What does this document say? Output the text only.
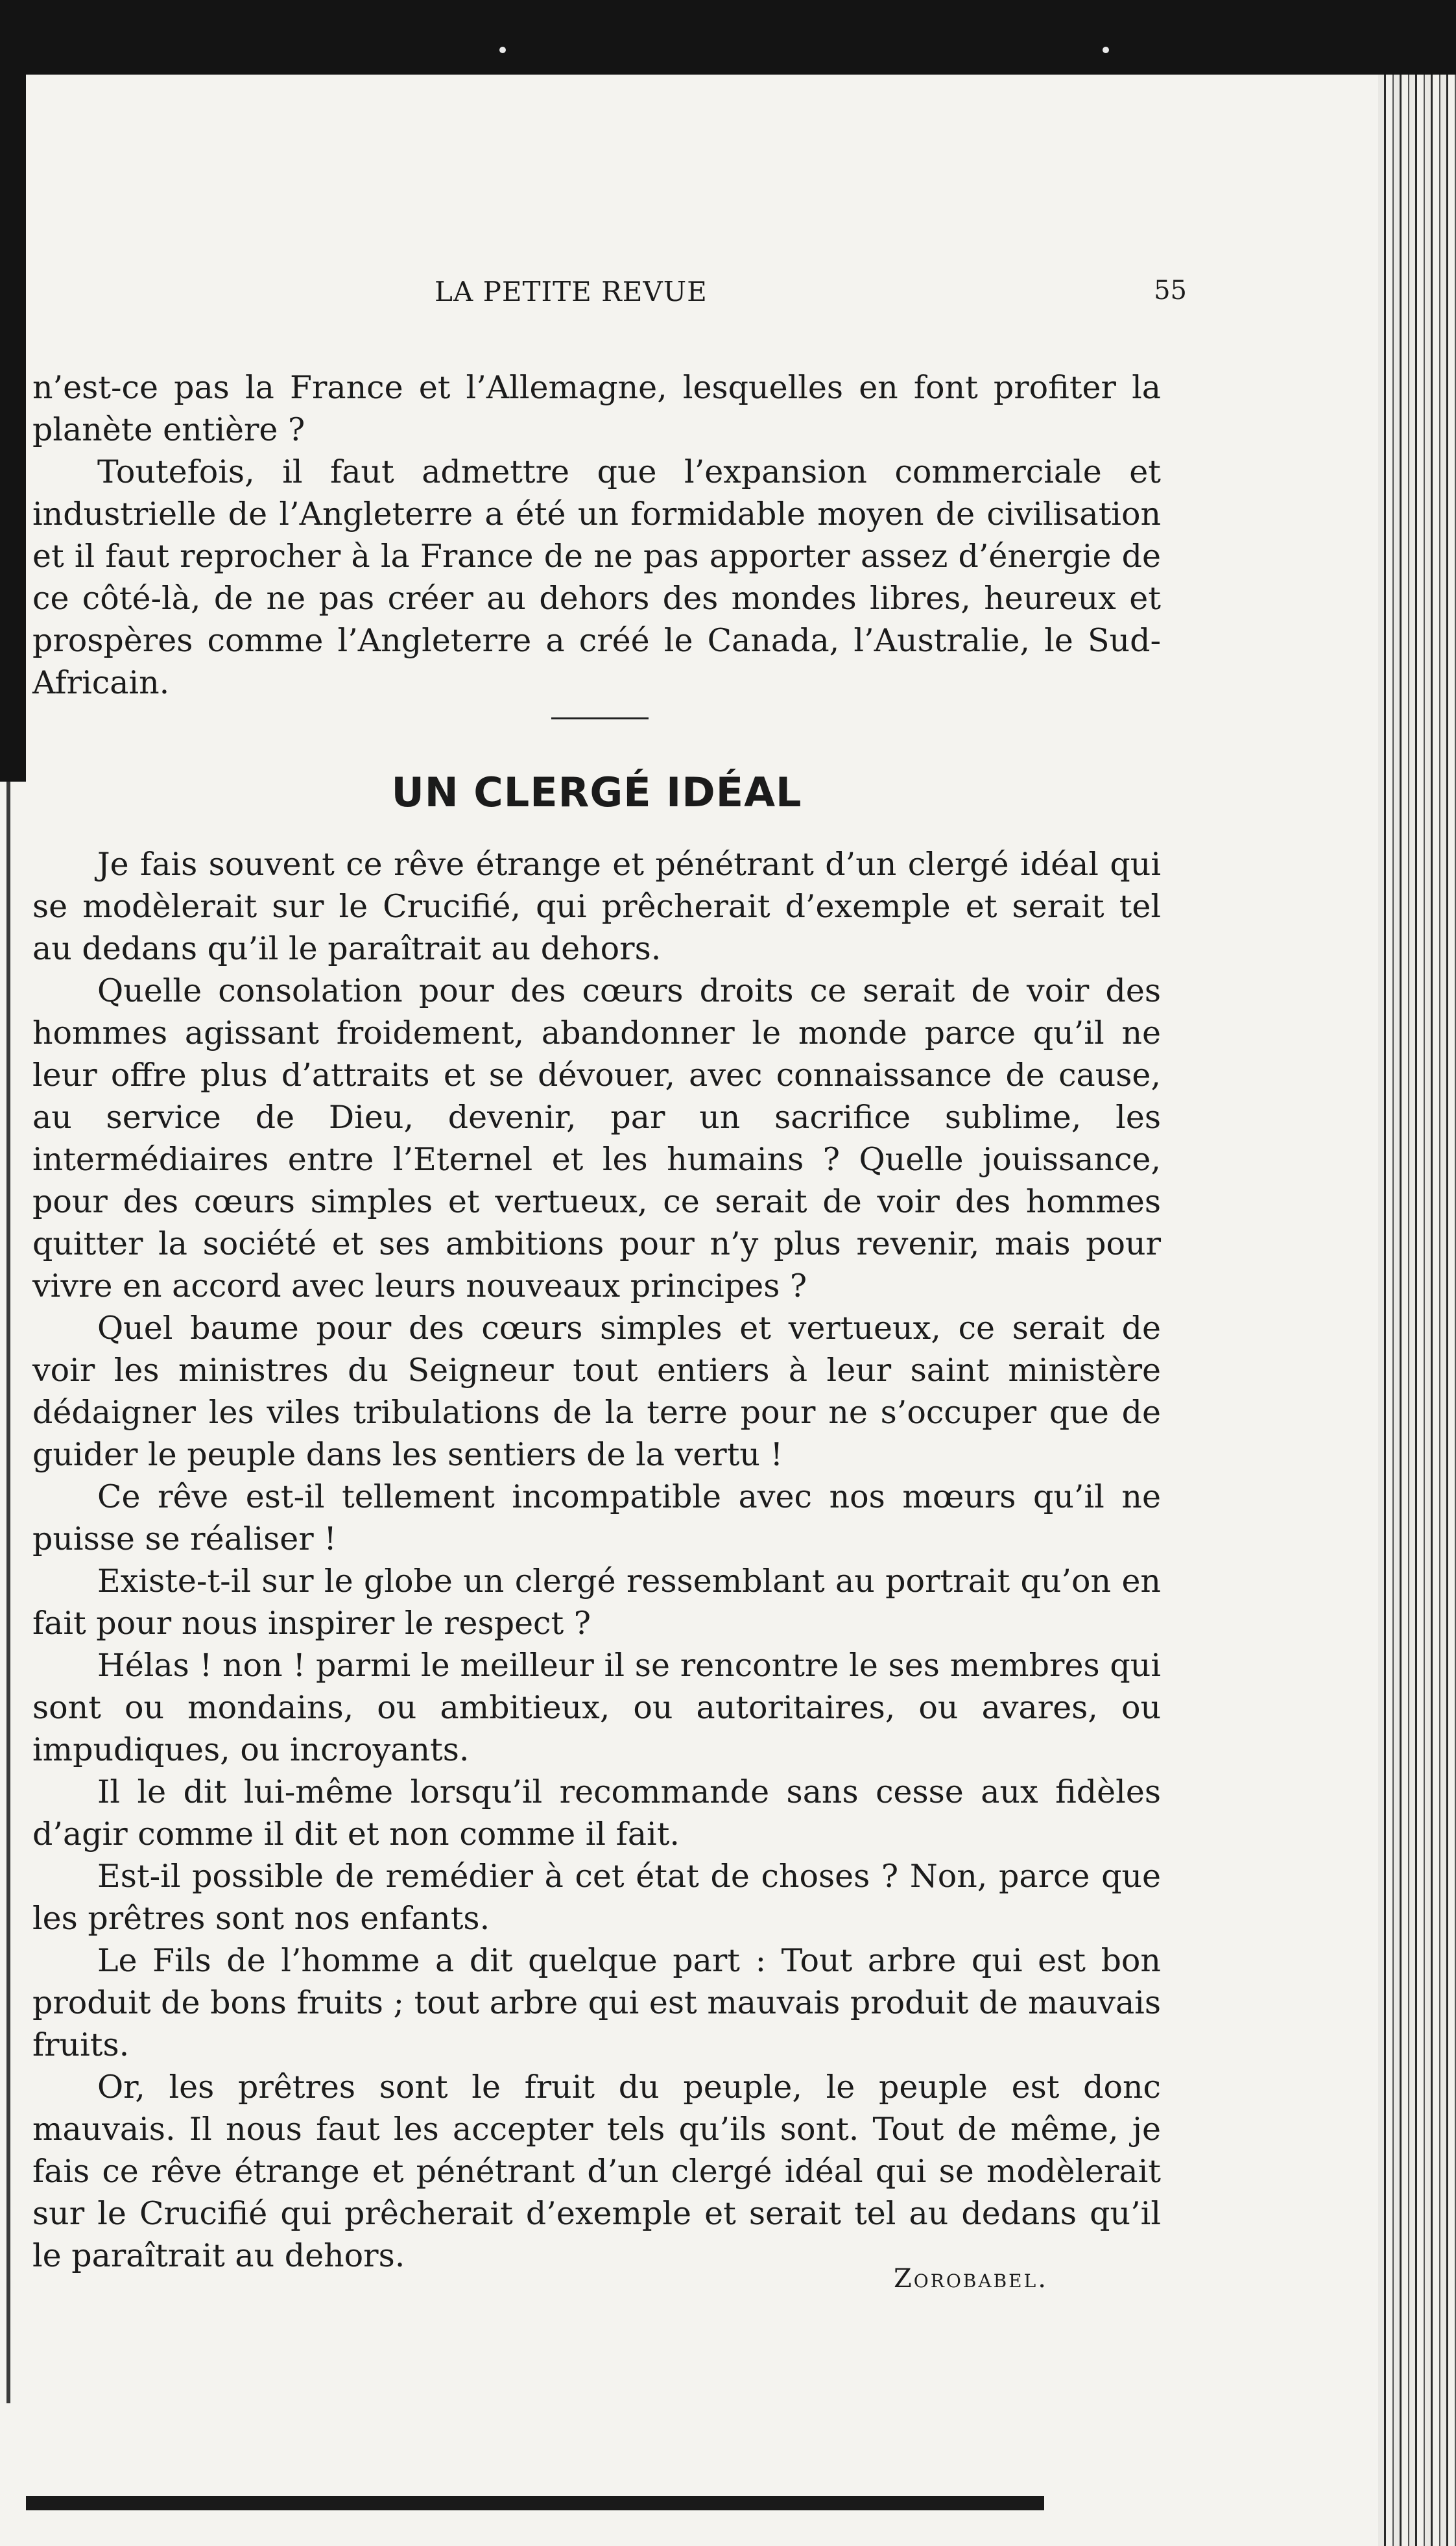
LA PETITE REVUE	55

n’est-ce pas la France et l’Allemagne, lesquelles en font profiter la planète entière ?

Toutefois, il faut admettre que l’expansion commerciale et industrielle de l’Angleterre a été un formidable moyen de civilisation et il faut reprocher à la France de ne pas apporter assez d’énergie de ce côté-là, de ne pas créer au dehors des mondes libres, heureux et prospères comme l’Angleterre a créé le Canada, l’Australie, le Sud-Africain.

UN CLERGÉ IDÉAL

Je fais souvent ce rêve étrange et pénétrant d’un clergé idéal qui se modèlerait sur le Crucifié, qui prêcherait d’exemple et serait tel au dedans qu’il le paraîtrait au dehors.

Quelle consolation pour des cœurs droits ce serait de voir des hommes agissant froidement, abandonner le monde parce qu’il ne leur offre plus d’attraits et se dévouer, avec connaissance de cause, au service de Dieu, devenir, par un sacrifice sublime, les intermédiaires entre l’Eternel et les humains ? Quelle jouissance, pour des cœurs simples et vertueux, ce serait de voir des hommes quitter la société et ses ambitions pour n’y plus revenir, mais pour vivre en accord avec leurs nouveaux principes ?

Quel baume pour des cœurs simples et vertueux, ce serait de voir les ministres du Seigneur tout entiers à leur saint ministère dédaigner les viles tribulations de la terre pour ne s’occuper que de guider le peuple dans les sentiers de la vertu !

Ce rêve est-il tellement incompatible avec nos mœurs qu’il ne puisse se réaliser !

Existe-t-il sur le globe un clergé ressemblant au portrait qu’on en fait pour nous inspirer le respect ?

Hélas ! non ! parmi le meilleur il se rencontre le ses membres qui sont ou mondains, ou ambitieux, ou autoritaires, ou avares, ou impudiques, ou incroyants.

Il le dit lui-même lorsqu’il recommande sans cesse aux fidèles d’agir comme il dit et non comme il fait.

Est-il possible de remédier à cet état de choses ? Non, parce que les prêtres sont nos enfants.

Le Fils de l’homme a dit quelque part : Tout arbre qui est bon produit de bons fruits ; tout arbre qui est mauvais produit de mauvais fruits.

Or, les prêtres sont le fruit du peuple, le peuple est donc mauvais. Il nous faut les accepter tels qu’ils sont. Tout de même, je fais ce rêve étrange et pénétrant d’un clergé idéal qui se modèlerait sur le Crucifié qui prêcherait d’exemple et serait tel au dedans qu’il le paraîtrait au dehors.

Zorobabel.
